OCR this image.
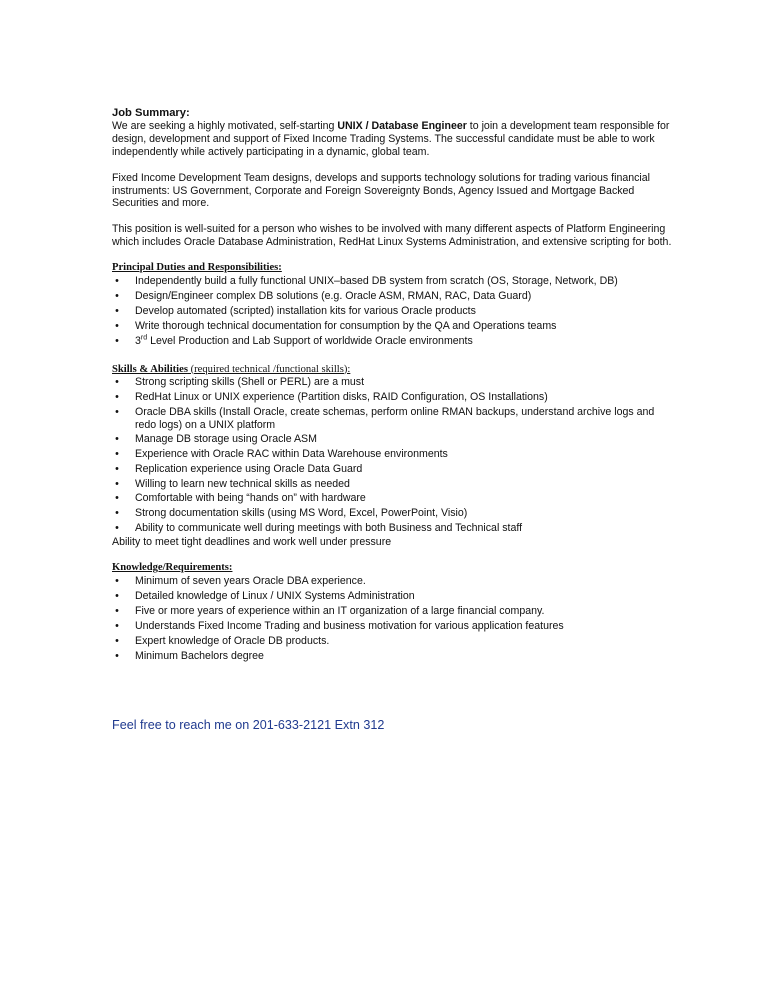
Job Summary:

We are seeking a highly motivated, self-starting UNIX / Database Engineer to join a development team responsible for design, development and support of Fixed Income Trading Systems. The successful candidate must be able to work independently while actively participating in a dynamic, global team.

Fixed Income Development Team designs, develops and supports technology solutions for trading various financial instruments: US Government, Corporate and Foreign Sovereignty Bonds, Agency Issued and Mortgage Backed Securities and more.

This position is well-suited for a person who wishes to be involved with many different aspects of Platform Engineering which includes Oracle Database Administration, RedHat Linux Systems Administration, and extensive scripting for both.

Principal Duties and Responsibilities:

• Independently build a fully functional UNIX–based DB system from scratch (OS, Storage, Network, DB)
• Design/Engineer complex DB solutions (e.g. Oracle ASM, RMAN, RAC, Data Guard)
• Develop automated (scripted) installation kits for various Oracle products
• Write thorough technical documentation for consumption by the QA and Operations teams
• 3rd Level Production and Lab Support of worldwide Oracle environments

Skills & Abilities (required technical /functional skills):

• Strong scripting skills (Shell or PERL) are a must
• RedHat Linux or UNIX experience (Partition disks, RAID Configuration, OS Installations)
• Oracle DBA skills (Install Oracle, create schemas, perform online RMAN backups, understand archive logs and redo logs) on a UNIX platform
• Manage DB storage using Oracle ASM
• Experience with Oracle RAC within Data Warehouse environments
• Replication experience using Oracle Data Guard
• Willing to learn new technical skills as needed
• Comfortable with being “hands on” with hardware
• Strong documentation skills (using MS Word, Excel, PowerPoint, Visio)
• Ability to communicate well during meetings with both Business and Technical staff

Ability to meet tight deadlines and work well under pressure

Knowledge/Requirements:

• Minimum of seven years Oracle DBA experience.
• Detailed knowledge of Linux / UNIX Systems Administration
• Five or more years of experience within an IT organization of a large financial company.
• Understands Fixed Income Trading and business motivation for various application features
• Expert knowledge of Oracle DB products.
• Minimum Bachelors degree
Feel free to reach me on 201-633-2121 Extn 312
